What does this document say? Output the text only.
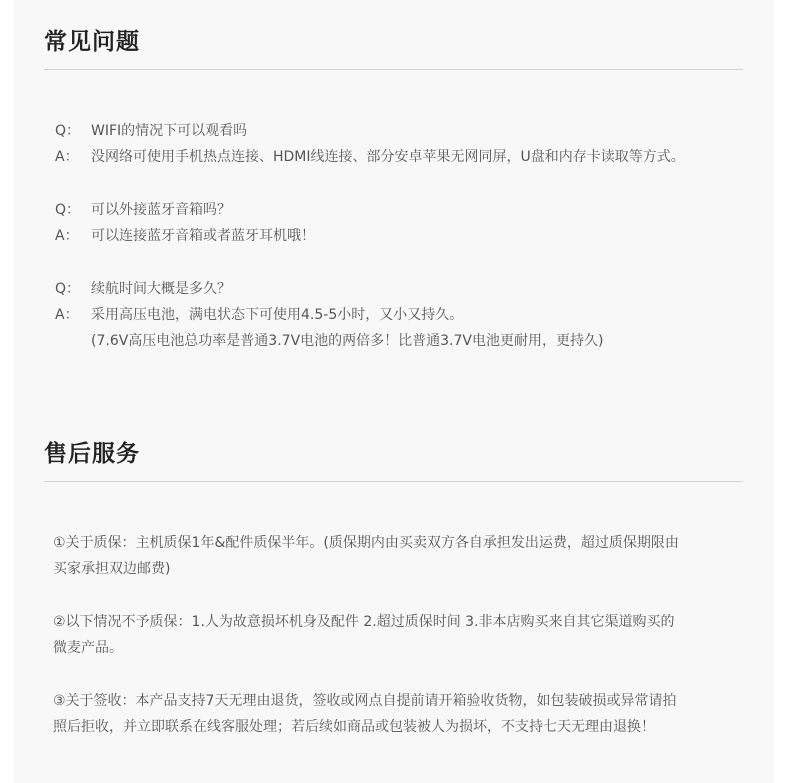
常见问题
Q： WIFI的情况下可以观看吗
A： 没网络可使用手机热点连接、HDMI线连接、部分安卓苹果无网同屏，U盘和内存卡读取等方式。
Q： 可以外接蓝牙音箱吗？
A： 可以连接蓝牙音箱或者蓝牙耳机哦！
Q： 续航时间大概是多久？
A： 采用高压电池，满电状态下可使用4.5-5小时，又小又持久。
(7.6V高压电池总功率是普通3.7V电池的两倍多！比普通3.7V电池更耐用，更持久)
售后服务
①关于质保：主机质保1年&配件质保半年。(质保期内由买卖双方各自承担发出运费，超过质保期限由
买家承担双边邮费)
②以下情况不予质保：1.人为故意损坏机身及配件 2.超过质保时间 3.非本店购买来自其它渠道购买的
微麦产品。
③关于签收：本产品支持7天无理由退货，签收或网点自提前请开箱验收货物，如包装破损或异常请拍
照后拒收，并立即联系在线客服处理；若后续如商品或包装被人为损坏，不支持七天无理由退换！
